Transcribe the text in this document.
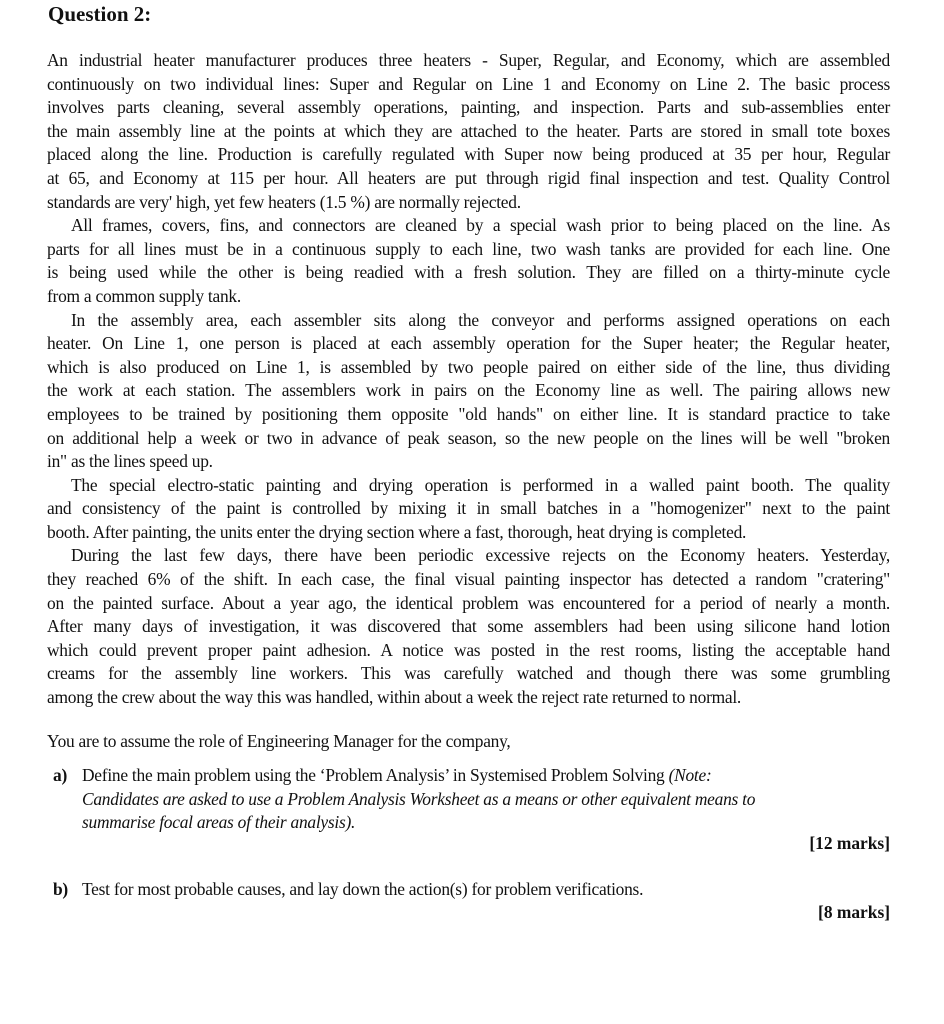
Question 2:
An industrial heater manufacturer produces three heaters - Super, Regular, and Economy, which are assembled
continuously on two individual lines: Super and Regular on Line 1 and Economy on Line 2. The basic process
involves parts cleaning, several assembly operations, painting, and inspection. Parts and sub-assemblies enter
the main assembly line at the points at which they are attached to the heater. Parts are stored in small tote boxes
placed along the line. Production is carefully regulated with Super now being produced at 35 per hour, Regular
at 65, and Economy at 115 per hour. All heaters are put through rigid final inspection and test. Quality Control
standards are very' high, yet few heaters (1.5 %) are normally rejected.
All frames, covers, fins, and connectors are cleaned by a special wash prior to being placed on the line. As
parts for all lines must be in a continuous supply to each line, two wash tanks are provided for each line. One
is being used while the other is being readied with a fresh solution. They are filled on a thirty-minute cycle
from a common supply tank.
In the assembly area, each assembler sits along the conveyor and performs assigned operations on each
heater. On Line 1, one person is placed at each assembly operation for the Super heater; the Regular heater,
which is also produced on Line 1, is assembled by two people paired on either side of the line, thus dividing
the work at each station. The assemblers work in pairs on the Economy line as well. The pairing allows new
employees to be trained by positioning them opposite "old hands" on either line. It is standard practice to take
on additional help a week or two in advance of peak season, so the new people on the lines will be well "broken
in" as the lines speed up.
The special electro-static painting and drying operation is performed in a walled paint booth. The quality
and consistency of the paint is controlled by mixing it in small batches in a "homogenizer" next to the paint
booth. After painting, the units enter the drying section where a fast, thorough, heat drying is completed.
During the last few days, there have been periodic excessive rejects on the Economy heaters. Yesterday,
they reached 6% of the shift. In each case, the final visual painting inspector has detected a random "cratering"
on the painted surface. About a year ago, the identical problem was encountered for a period of nearly a month.
After many days of investigation, it was discovered that some assemblers had been using silicone hand lotion
which could prevent proper paint adhesion. A notice was posted in the rest rooms, listing the acceptable hand
creams for the assembly line workers. This was carefully watched and though there was some grumbling
among the crew about the way this was handled, within about a week the reject rate returned to normal.
You are to assume the role of Engineering Manager for the company,
a) Define the main problem using the ‘Problem Analysis’ in Systemised Problem Solving (Note:
Candidates are asked to use a Problem Analysis Worksheet as a means or other equivalent means to
summarise focal areas of their analysis).
[12 marks]
b) Test for most probable causes, and lay down the action(s) for problem verifications.
[8 marks]
